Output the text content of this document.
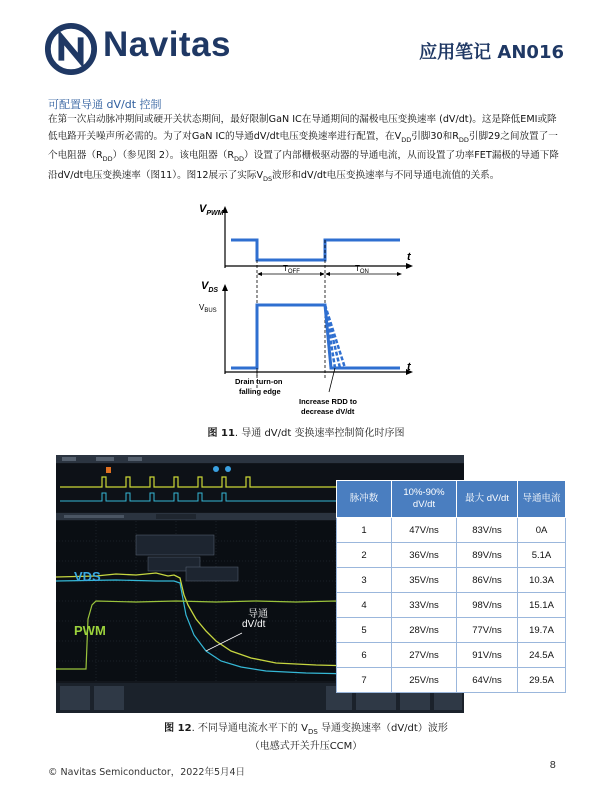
Navitas	应用笔记 AN016
可配置导通 dV/dt 控制
在第一次启动脉冲期间或硬开关状态期间，最好限制GaN IC在导通期间的漏极电压变换速率 (dV/dt)。这是降低EMI或降低电路开关噪声所必需的。为了对GaN IC的导通dV/dt电压变换速率进行配置，在$V_{DD}$引脚30和$R_{DD}$引脚29之间放置了一个电阻器$(R_{DD})$（参见图 2）。该电阻器$(R_{DD})$设置了内部栅极驱动器的导通电流，从而设置了功率FET漏极的导通下降沿dV/dt电压变换速率（图11）。图12展示了实际$V_{DS}$波形和dV/dt电压变换速率与不同导通电流值的关系。
$V_{PWM}$
t
$T_{OFF}$	$T_{ON}$
$V_{DS}$
$V_{BUS}$
t
Drain turn-on
falling edge
Increase RDD to
decrease dV/dt
图 11. 导通 dV/dt 变换速率控制简化时序图
VDS
PWM
导通
dV/dt
脉冲数	10%-90% dV/dt	最大 dV/dt	导通电流
1	47V/ns	83V/ns	0A
2	36V/ns	89V/ns	5.1A
3	35V/ns	86V/ns	10.3A
4	33V/ns	98V/ns	15.1A
5	28V/ns	77V/ns	19.7A
6	27V/ns	91V/ns	24.5A
7	25V/ns	64V/ns	29.5A
图 12. 不同导通电流水平下的 $V_{DS}$ 导通变换速率（dV/dt）波形
（电感式开关升压CCM）
© Navitas Semiconductor，2022年5月4日
8
